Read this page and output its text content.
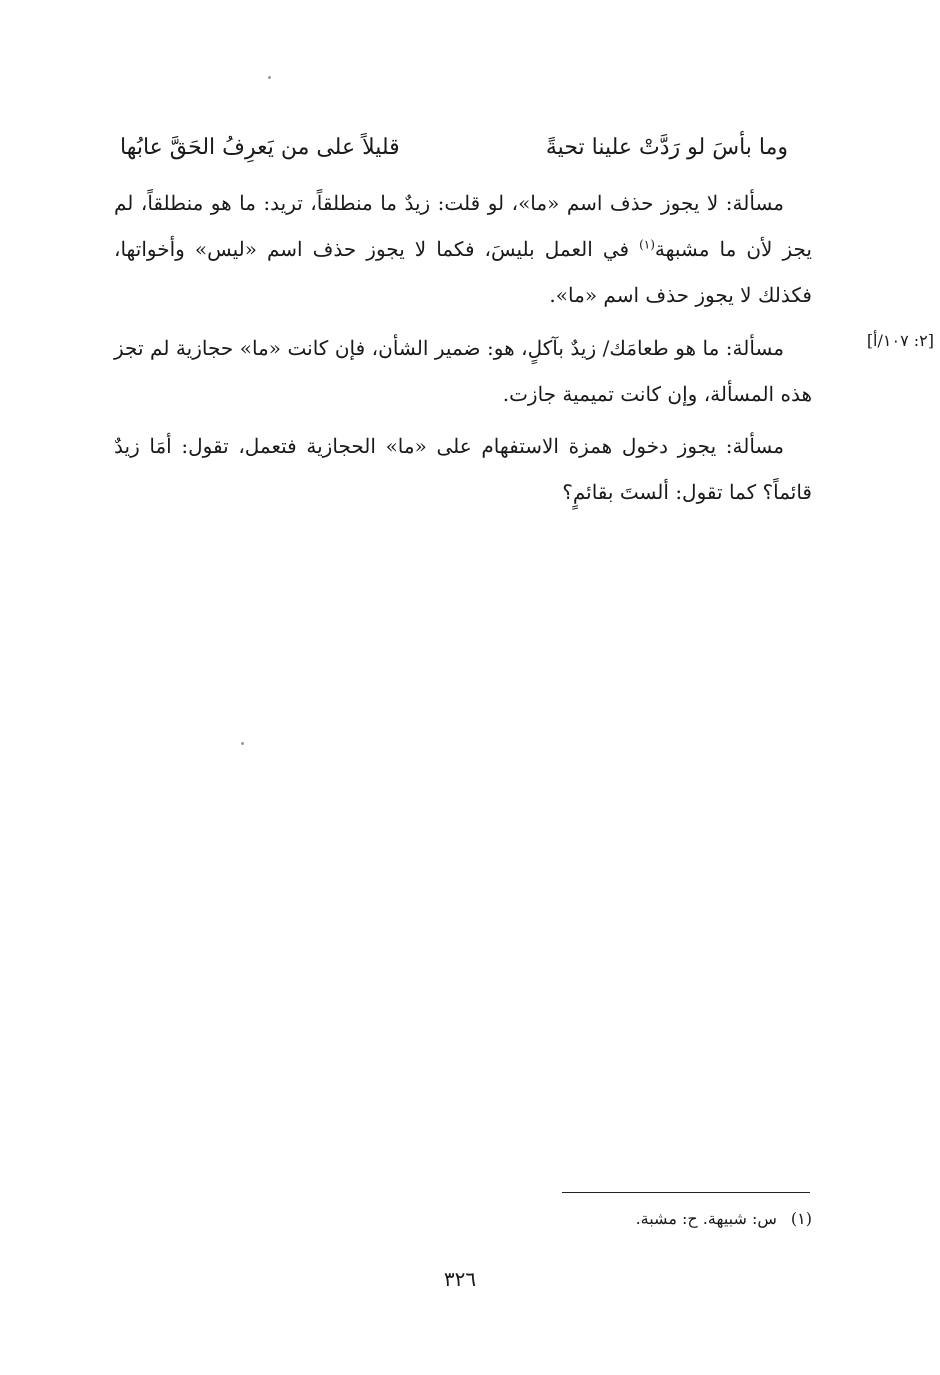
وما بأسَ لو رَدَّتْ علينا تحيةً
قليلاً على من يَعرِفُ الحَقَّ عابُها

مسألة: لا يجوز حذف اسم «ما»، لو قلت: زيدٌ ما منطلقاً، تريد: ما هو منطلقاً، لم يجز لأن ما مشبهة$^{(١)}$ في العمل بليسَ، فكما لا يجوز حذف اسم «ليس» وأخواتها، فكذلك لا يجوز حذف اسم «ما».

[٢: ١٠٧/أ]

مسألة: ما هو طعامَك/ زيدٌ بآكلٍ، هو: ضمير الشأن، فإن كانت «ما» حجازية لم تجز هذه المسألة، وإن كانت تميمية جازت.

مسألة: يجوز دخول همزة الاستفهام على «ما» الحجازية فتعمل، تقول: أمَا زيدٌ قائماً؟ كما تقول: ألستَ بقائمٍ؟

(١)س: شبيهة. ح: مشبة.
٣٢٦
